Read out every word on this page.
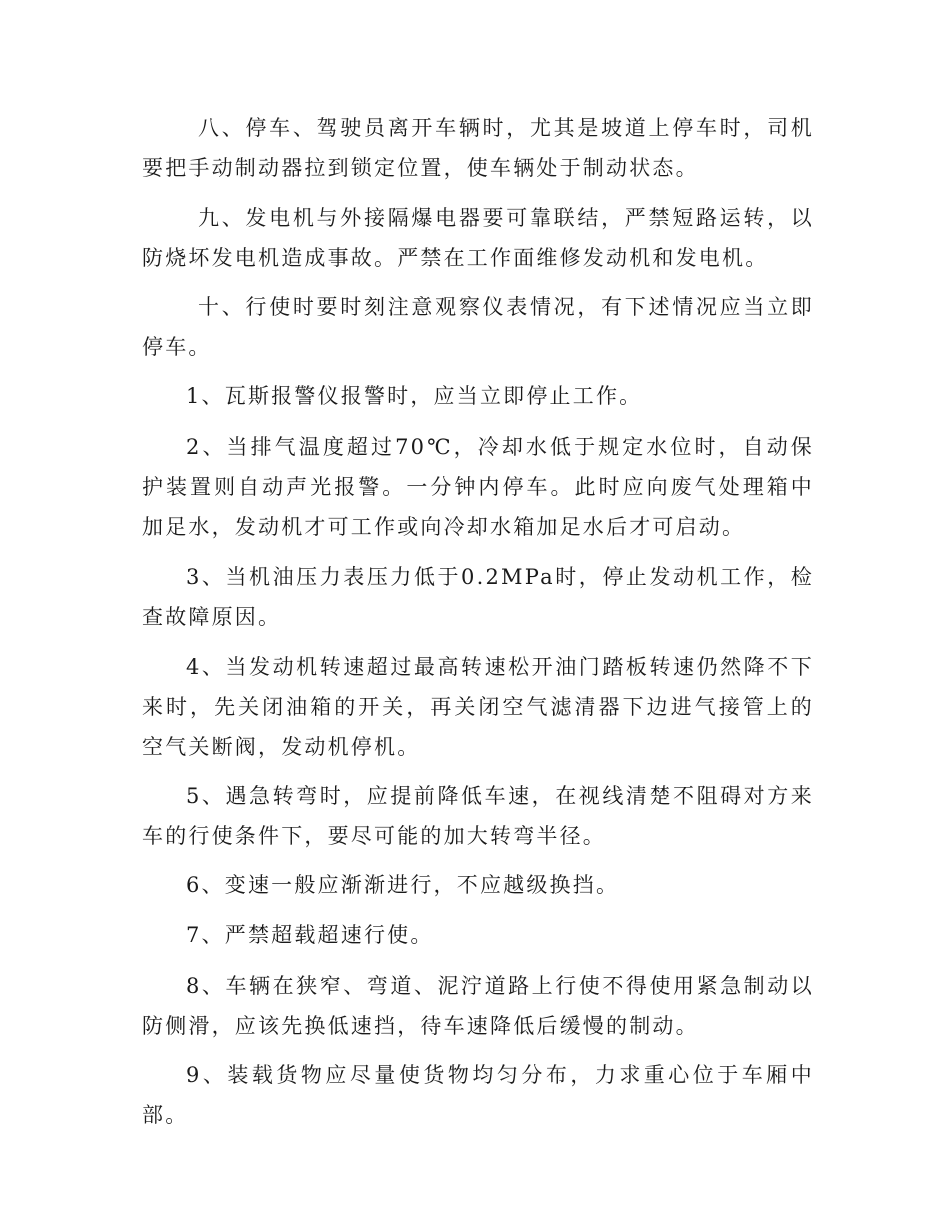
八、停车、驾驶员离开车辆时，尤其是坡道上停车时，司机要把手动制动器拉到锁定位置，使车辆处于制动状态。

九、发电机与外接隔爆电器要可靠联结，严禁短路运转，以防烧坏发电机造成事故。严禁在工作面维修发动机和发电机。

十、行使时要时刻注意观察仪表情况，有下述情况应当立即停车。

1、瓦斯报警仪报警时，应当立即停止工作。

2、当排气温度超过70℃，冷却水低于规定水位时，自动保护装置则自动声光报警。一分钟内停车。此时应向废气处理箱中加足水，发动机才可工作或向冷却水箱加足水后才可启动。

3、当机油压力表压力低于0.2MPa时，停止发动机工作，检查故障原因。

4、当发动机转速超过最高转速松开油门踏板转速仍然降不下来时，先关闭油箱的开关，再关闭空气滤清器下边进气接管上的空气关断阀，发动机停机。

5、遇急转弯时，应提前降低车速，在视线清楚不阻碍对方来车的行使条件下，要尽可能的加大转弯半径。

6、变速一般应渐渐进行，不应越级换挡。

7、严禁超载超速行使。

8、车辆在狭窄、弯道、泥泞道路上行使不得使用紧急制动以防侧滑，应该先换低速挡，待车速降低后缓慢的制动。

9、装载货物应尽量使货物均匀分布，力求重心位于车厢中部。
